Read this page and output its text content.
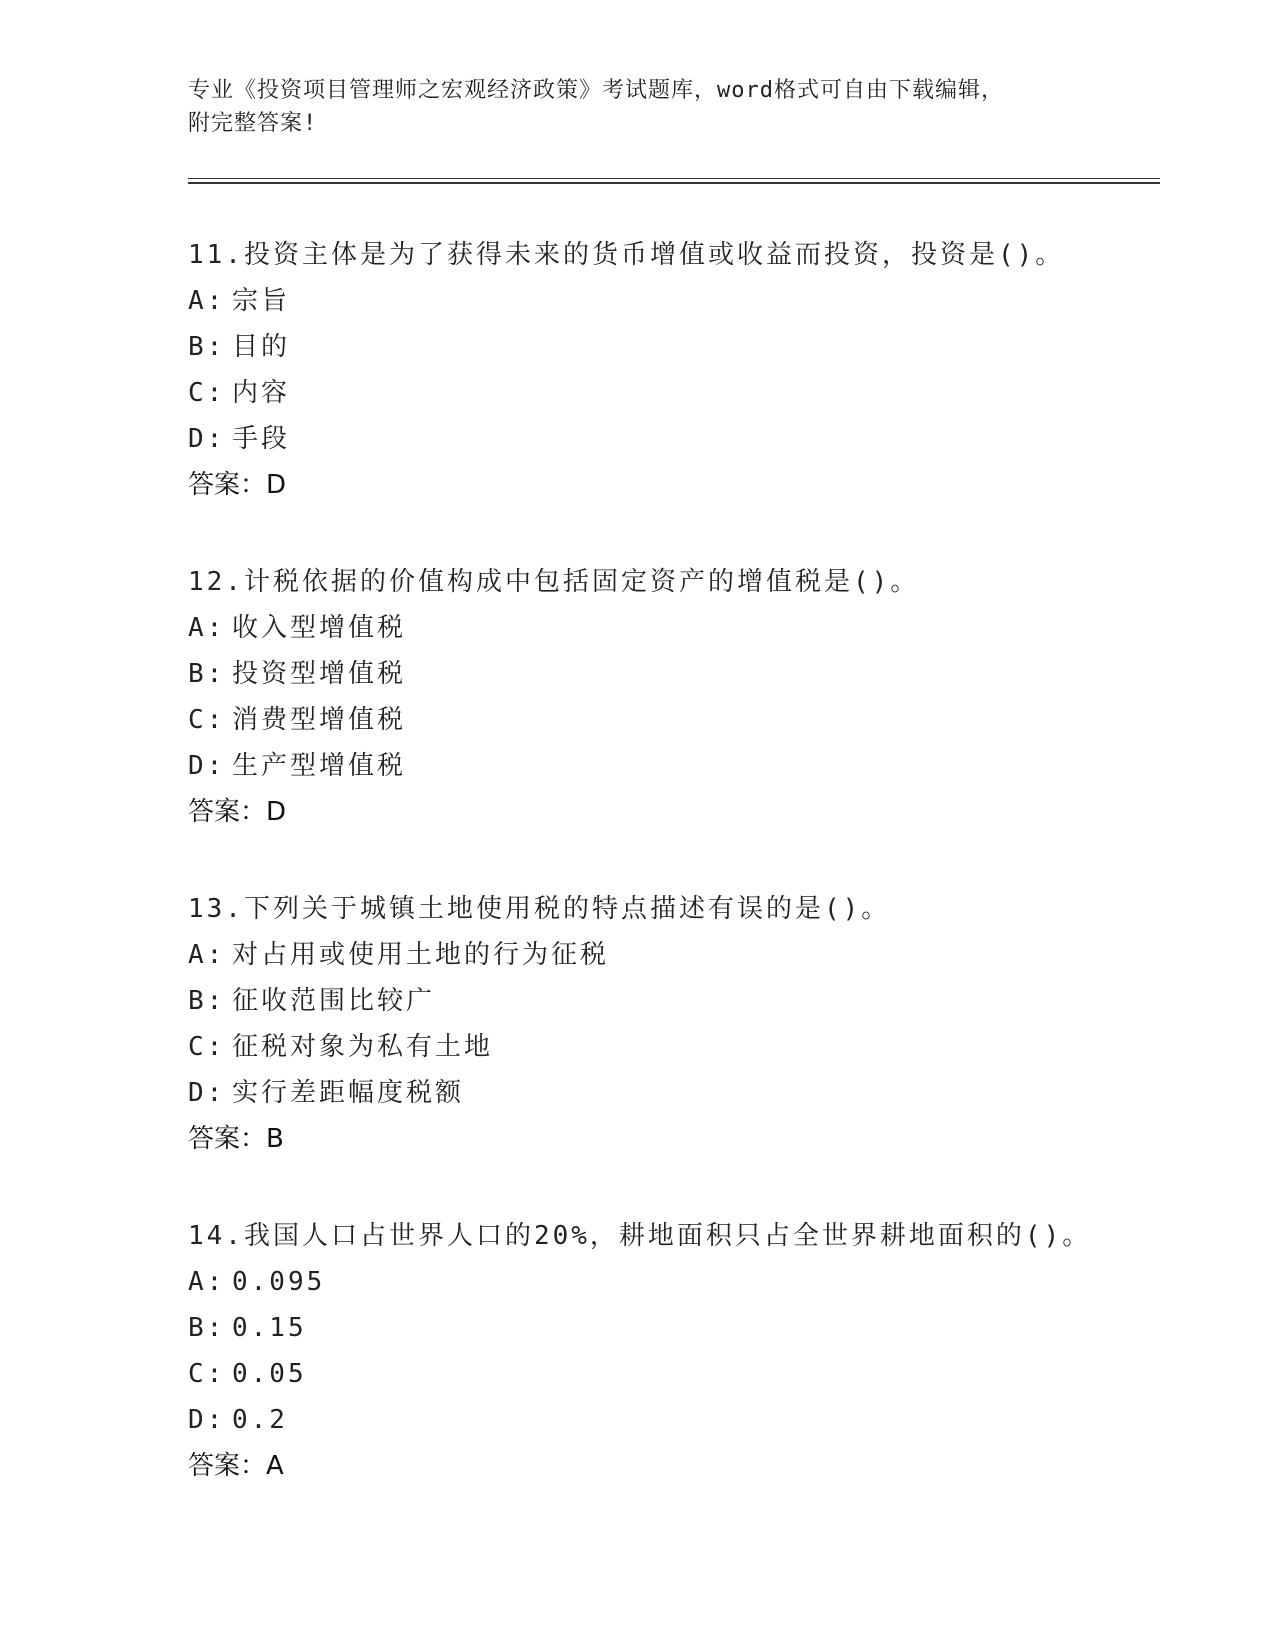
专业《投资项目管理师之宏观经济政策》考试题库，word格式可自由下载编辑，
附完整答案!
11.投资主体是为了获得未来的货币增值或收益而投资，投资是()。
A: 宗旨
B: 目的
C: 内容
D: 手段
答案：D
12.计税依据的价值构成中包括固定资产的增值税是()。
A: 收入型增值税
B: 投资型增值税
C: 消费型增值税
D: 生产型增值税
答案：D
13.下列关于城镇土地使用税的特点描述有误的是()。
A: 对占用或使用土地的行为征税
B: 征收范围比较广
C: 征税对象为私有土地
D: 实行差距幅度税额
答案：B
14.我国人口占世界人口的20%，耕地面积只占全世界耕地面积的()。
A: 0.095
B: 0.15
C: 0.05
D: 0.2
答案：A
